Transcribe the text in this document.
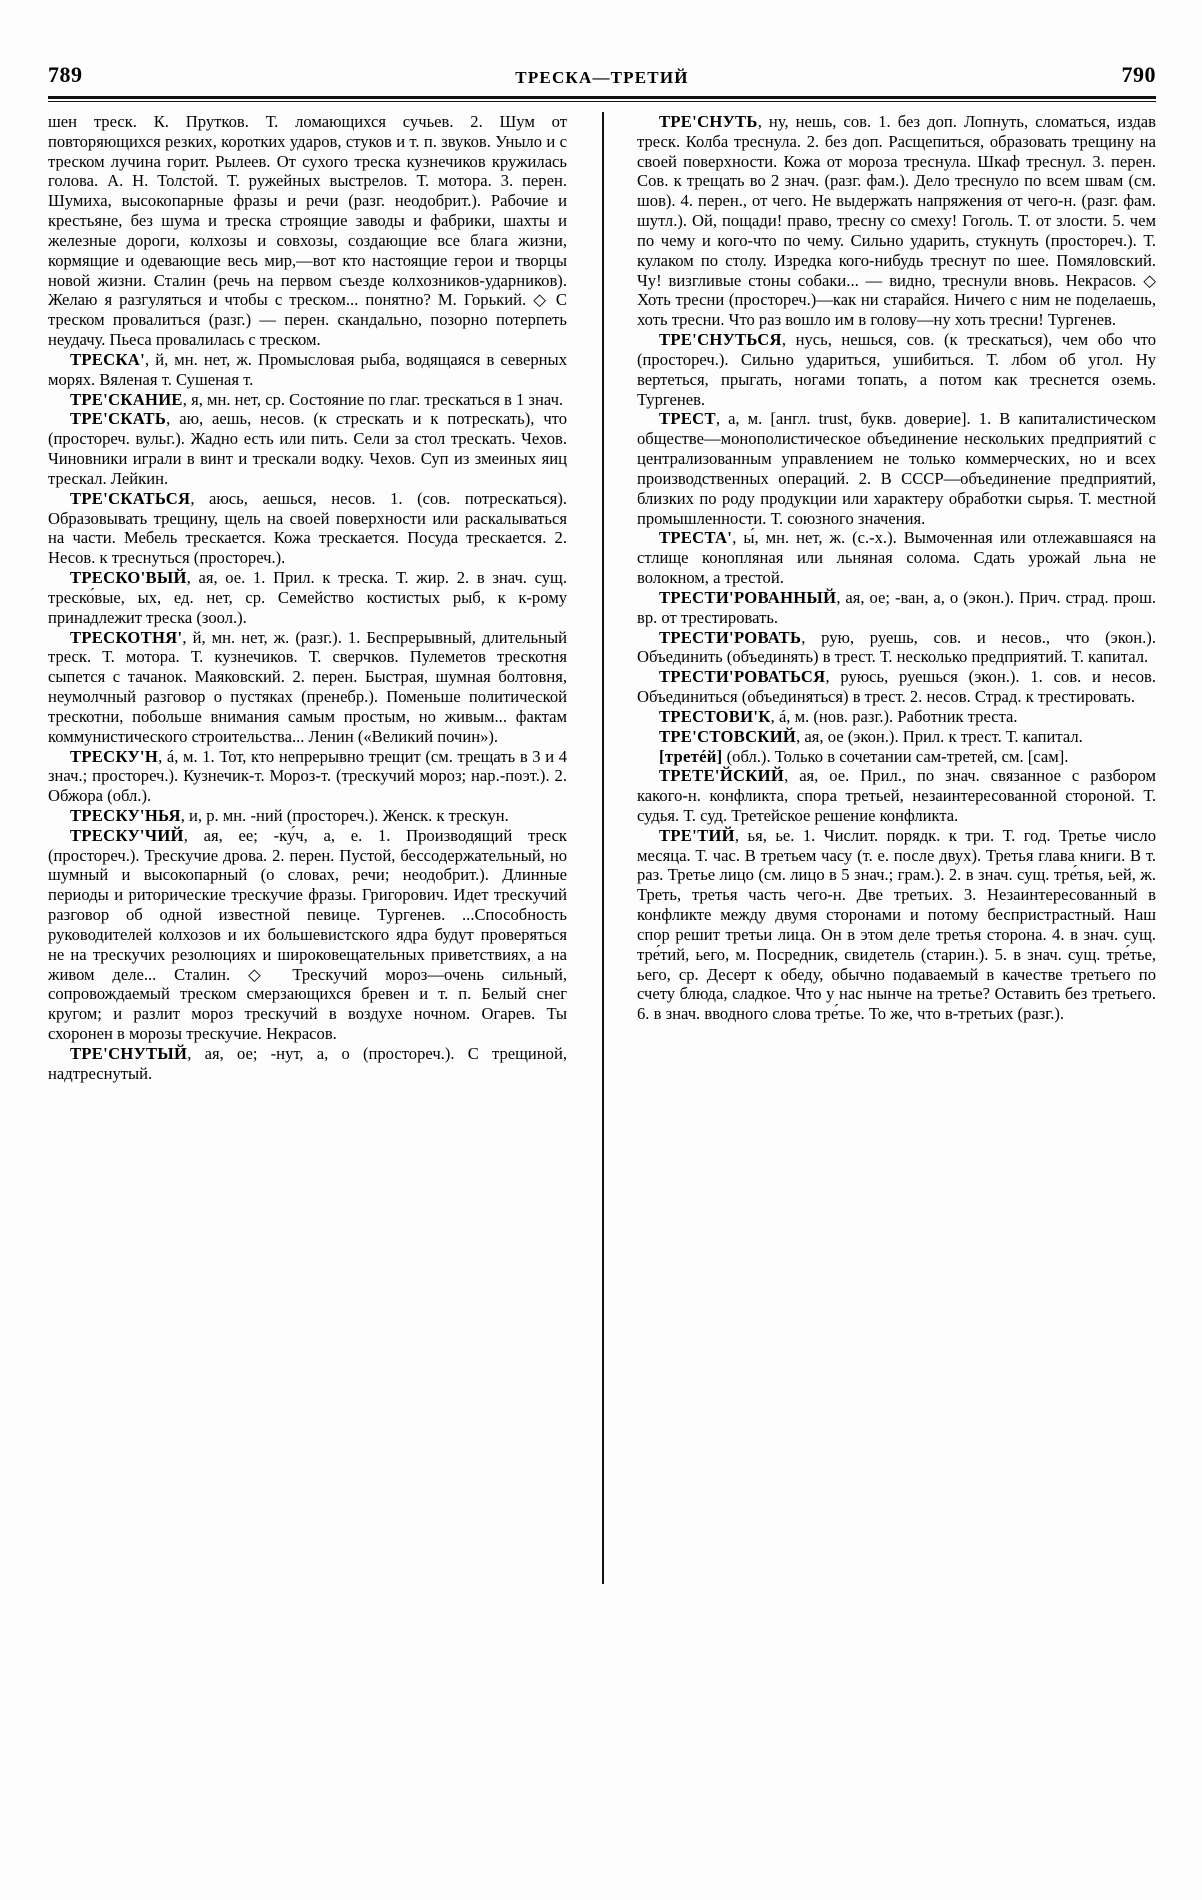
789	ТРЕСКА—ТРЕТИЙ	790

шен треск. К. Прутков. Т. ломающихся сучьев. 2. Шум от повторяющихся резких, коротких ударов, стуков и т. п. звуков. Уныло и с треском лучина горит. Рылеев. От сухого треска кузнечиков кружилась голова. А. Н. Толстой. Т. ружейных выстрелов. Т. мотора. 3. перен. Шумиха, высокопарные фразы и речи (разг. неодобрит.). Рабочие и крестьяне, без шума и треска строящие заводы и фабрики, шахты и железные дороги, колхозы и совхозы, создающие все блага жизни, кормящие и одевающие весь мир,—вот кто настоящие герои и творцы новой жизни. Сталин (речь на первом съезде колхозников-ударников). Желаю я разгуляться и чтобы с треском... понятно? М. Горький. ◇ С треском провалиться (разг.) — перен. скандально, позорно потерпеть неудачу. Пьеса провалилась с треском.

ТРЕСКА', й, мн. нет, ж. Промысловая рыба, водящаяся в северных морях. Вяленая т. Сушеная т.

ТРЕ'СКАНИЕ, я, мн. нет, ср. Состояние по глаг. трескаться в 1 знач.

ТРЕ'СКАТЬ, аю, аешь, несов. (к стрескать и к потрескать), что (простореч. вульг.). Жадно есть или пить. Сели за стол трескать. Чехов. Чиновники играли в винт и трескали водку. Чехов. Суп из змеиных яиц трескал. Лейкин.

ТРЕ'СКАТЬСЯ, аюсь, аешься, несов. 1. (сов. потрескаться). Образовывать трещину, щель на своей поверхности или раскалываться на части. Мебель трескается. Кожа трескается. Посуда трескается. 2. Несов. к треснуться (простореч.).

ТРЕСКО'ВЫЙ, ая, ое. 1. Прил. к треска. Т. жир. 2. в знач. сущ. треско́вые, ых, ед. нет, ср. Семейство костистых рыб, к к-рому принадлежит треска (зоол.).

ТРЕСКОТНЯ', й, мн. нет, ж. (разг.). 1. Беспрерывный, длительный треск. Т. мотора. Т. кузнечиков. Т. сверчков. Пулеметов трескотня сыпется с тачанок. Маяковский. 2. перен. Быстрая, шумная болтовня, неумолчный разговор о пустяках (пренебр.). Поменьше политической трескотни, побольше внимания самым простым, но живым... фактам коммунистического строительства... Ленин («Великий почин»).

ТРЕСКУ'Н, á, м. 1. Тот, кто непрерывно трещит (см. трещать в 3 и 4 знач.; простореч.). Кузнечик-т. Мороз-т. (трескучий мороз; нар.-поэт.). 2. Обжора (обл.).

ТРЕСКУ'НЬЯ, и, р. мн. -ний (простореч.). Женск. к трескун.

ТРЕСКУ'ЧИЙ, ая, ее; -ку́ч, а, е. 1. Производящий треск (простореч.). Трескучие дрова. 2. перен. Пустой, бессодержательный, но шумный и высокопарный (о словах, речи; неодобрит.). Длинные периоды и риторические трескучие фразы. Григорович. Идет трескучий разговор об одной известной певице. Тургенев. ...Способность руководителей колхозов и их большевистского ядра будут проверяться не на трескучих резолюциях и широковещательных приветствиях, а на живом деле... Сталин. ◇ Трескучий мороз—очень сильный, сопровождаемый треском смерзающихся бревен и т. п. Белый снег кругом; и разлит мороз трескучий в воздухе ночном. Огарев. Ты схоронен в морозы трескучие. Некрасов.

ТРЕ'СНУТЫЙ, ая, ое; -нут, а, о (простореч.). С трещиной, надтреснутый.

ТРЕ'СНУТЬ, ну, нешь, сов. 1. без доп. Лопнуть, сломаться, издав треск. Колба треснула. 2. без доп. Расщепиться, образовать трещину на своей поверхности. Кожа от мороза треснула. Шкаф треснул. 3. перен. Сов. к трещать во 2 знач. (разг. фам.). Дело треснуло по всем швам (см. шов). 4. перен., от чего. Не выдержать напряжения от чего-н. (разг. фам. шутл.). Ой, пощади! право, тресну со смеху! Гоголь. Т. от злости. 5. чем по чему и кого-что по чему. Сильно ударить, стукнуть (простореч.). Т. кулаком по столу. Изредка кого-нибудь треснут по шее. Помяловский. Чу! визгливые стоны собаки... — видно, треснули вновь. Некрасов. ◇ Хоть тресни (простореч.)—как ни старайся. Ничего с ним не поделаешь, хоть тресни. Что раз вошло им в голову—ну хоть тресни! Тургенев.

ТРЕ'СНУТЬСЯ, нусь, нешься, сов. (к трескаться), чем обо что (простореч.). Сильно удариться, ушибиться. Т. лбом об угол. Ну вертеться, прыгать, ногами топать, а потом как треснется оземь. Тургенев.

ТРЕСТ, а, м. [англ. trust, букв. доверие]. 1. В капиталистическом обществе—монополистическое объединение нескольких предприятий с централизованным управлением не только коммерческих, но и всех производственных операций. 2. В СССР—объединение предприятий, близких по роду продукции или характеру обработки сырья. Т. местной промышленности. Т. союзного значения.

ТРЕСТА', ы́, мн. нет, ж. (с.-х.). Вымоченная или отлежавшаяся на стлище конопляная или льняная солома. Сдать урожай льна не волокном, а трестой.

ТРЕСТИ'РОВАННЫЙ, ая, ое; -ван, а, о (экон.). Прич. страд. прош. вр. от трестировать.

ТРЕСТИ'РОВАТЬ, рую, руешь, сов. и несов., что (экон.). Объединить (объединять) в трест. Т. несколько предприятий. Т. капитал.

ТРЕСТИ'РОВАТЬСЯ, руюсь, руешься (экон.). 1. сов. и несов. Объединиться (объединяться) в трест. 2. несов. Страд. к трестировать.

ТРЕСТОВИ'К, á, м. (нов. разг.). Работник треста.

ТРЕ'СТОВСКИЙ, ая, ое (экон.). Прил. к трест. Т. капитал.

[третéй] (обл.). Только в сочетании сам-третей, см. [сам].

ТРЕТЕ'ЙСКИЙ, ая, ое. Прил., по знач. связанное с разбором какого-н. конфликта, спора третьей, незаинтересованной стороной. Т. судья. Т. суд. Третейское решение конфликта.

ТРЕ'ТИЙ, ья, ье. 1. Числит. порядк. к три. Т. год. Третье число месяца. Т. час. В третьем часу (т. е. после двух). Третья глава книги. В т. раз. Третье лицо (см. лицо в 5 знач.; грам.). 2. в знач. сущ. тре́тья, ьей, ж. Треть, третья часть чего-н. Две третьих. 3. Незаинтересованный в конфликте между двумя сторонами и потому беспристрастный. Наш спор решит третьи лица. Он в этом деле третья сторона. 4. в знач. сущ. тре́тий, ьего, м. Посредник, свидетель (старин.). 5. в знач. сущ. тре́тье, ьего, ср. Десерт к обеду, обычно подаваемый в качестве третьего по счету блюда, сладкое. Что у нас нынче на третье? Оставить без третьего. 6. в знач. вводного слова тре́тье. То же, что в-третьих (разг.).
